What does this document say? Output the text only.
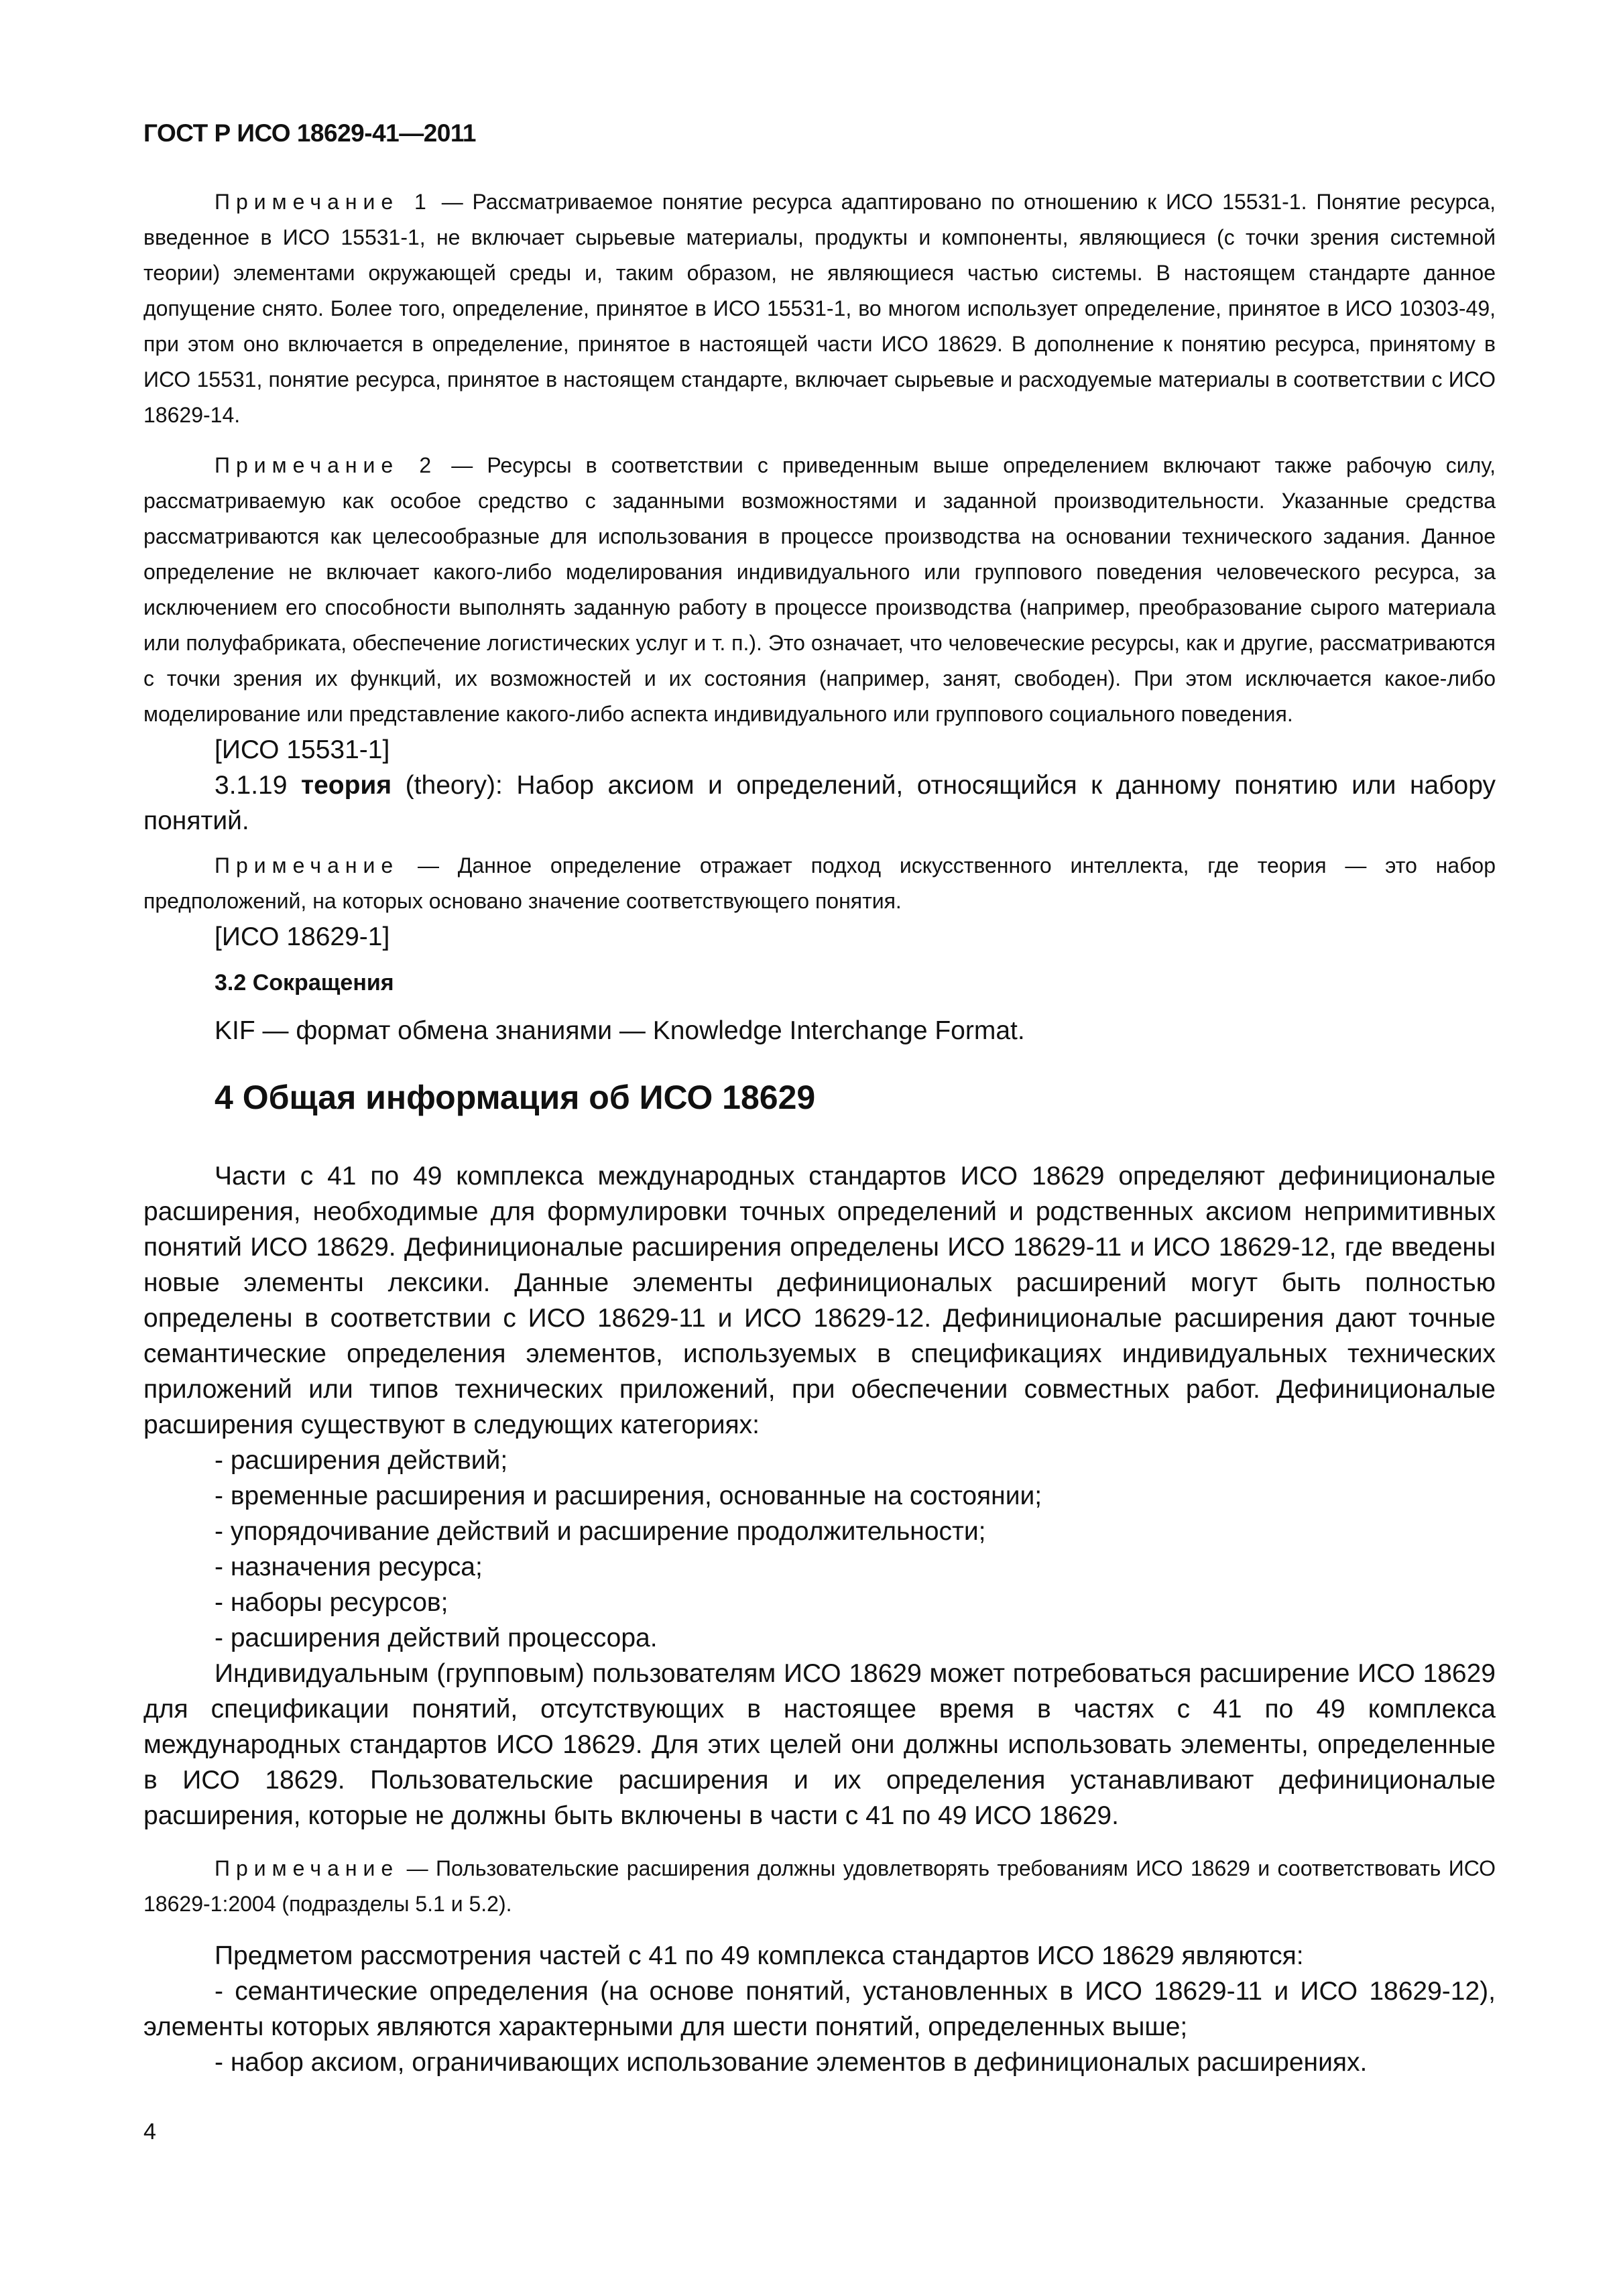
ГОСТ Р ИСО 18629-41—2011

Примечание 1 — Рассматриваемое понятие ресурса адаптировано по отношению к ИСО 15531-1. Понятие ресурса, введенное в ИСО 15531-1, не включает сырьевые материалы, продукты и компоненты, являющиеся (с точки зрения системной теории) элементами окружающей среды и, таким образом, не являющиеся частью системы. В настоящем стандарте данное допущение снято. Более того, определение, принятое в ИСО 15531-1, во многом использует определение, принятое в ИСО 10303-49, при этом оно включается в определение, принятое в настоящей части ИСО 18629. В дополнение к понятию ресурса, принятому в ИСО 15531, понятие ресурса, принятое в настоящем стандарте, включает сырьевые и расходуемые материалы в соответствии с ИСО 18629-14.

Примечание 2 — Ресурсы в соответствии с приведенным выше определением включают также рабочую силу, рассматриваемую как особое средство с заданными возможностями и заданной производительности. Указанные средства рассматриваются как целесообразные для использования в процессе производства на основании технического задания. Данное определение не включает какого-либо моделирования индивидуального или группового поведения человеческого ресурса, за исключением его способности выполнять заданную работу в процессе производства (например, преобразование сырого материала или полуфабриката, обеспечение логистических услуг и т. п.). Это означает, что человеческие ресурсы, как и другие, рассматриваются с точки зрения их функций, их возможностей и их состояния (например, занят, свободен). При этом исключается какое-либо моделирование или представление какого-либо аспекта индивидуального или группового социального поведения.

[ИСО 15531-1]

3.1.19 теория (theory): Набор аксиом и определений, относящийся к данному понятию или набору понятий.

Примечание — Данное определение отражает подход искусственного интеллекта, где теория — это набор предположений, на которых основано значение соответствующего понятия.

[ИСО 18629-1]

3.2 Сокращения

KIF — формат обмена знаниями — Knowledge Interchange Format.

4 Общая информация об ИСО 18629

Части с 41 по 49 комплекса международных стандартов ИСО 18629 определяют дефиниционалые расширения, необходимые для формулировки точных определений и родственных аксиом непримитивных понятий ИСО 18629. Дефиниционалые расширения определены ИСО 18629-11 и ИСО 18629-12, где введены новые элементы лексики. Данные элементы дефиниционалых расширений могут быть полностью определены в соответствии с ИСО 18629-11 и ИСО 18629-12. Дефиниционалые расширения дают точные семантические определения элементов, используемых в спецификациях индивидуальных технических приложений или типов технических приложений, при обеспечении совместных работ. Дефиниционалые расширения существуют в следующих категориях:

- расширения действий;
- временные расширения и расширения, основанные на состоянии;
- упорядочивание действий и расширение продолжительности;
- назначения ресурса;
- наборы ресурсов;
- расширения действий процессора.

Индивидуальным (групповым) пользователям ИСО 18629 может потребоваться расширение ИСО 18629 для спецификации понятий, отсутствующих в настоящее время в частях с 41 по 49 комплекса международных стандартов ИСО 18629. Для этих целей они должны использовать элементы, определенные в ИСО 18629. Пользовательские расширения и их определения устанавливают дефиниционалые расширения, которые не должны быть включены в части с 41 по 49 ИСО 18629.

Примечание — Пользовательские расширения должны удовлетворять требованиям ИСО 18629 и соответствовать ИСО 18629-1:2004 (подразделы 5.1 и 5.2).

Предметом рассмотрения частей с 41 по 49 комплекса стандартов ИСО 18629 являются:

- семантические определения (на основе понятий, установленных в ИСО 18629-11 и ИСО 18629-12), элементы которых являются характерными для шести понятий, определенных выше;

- набор аксиом, ограничивающих использование элементов в дефиниционалых расширениях.

4
